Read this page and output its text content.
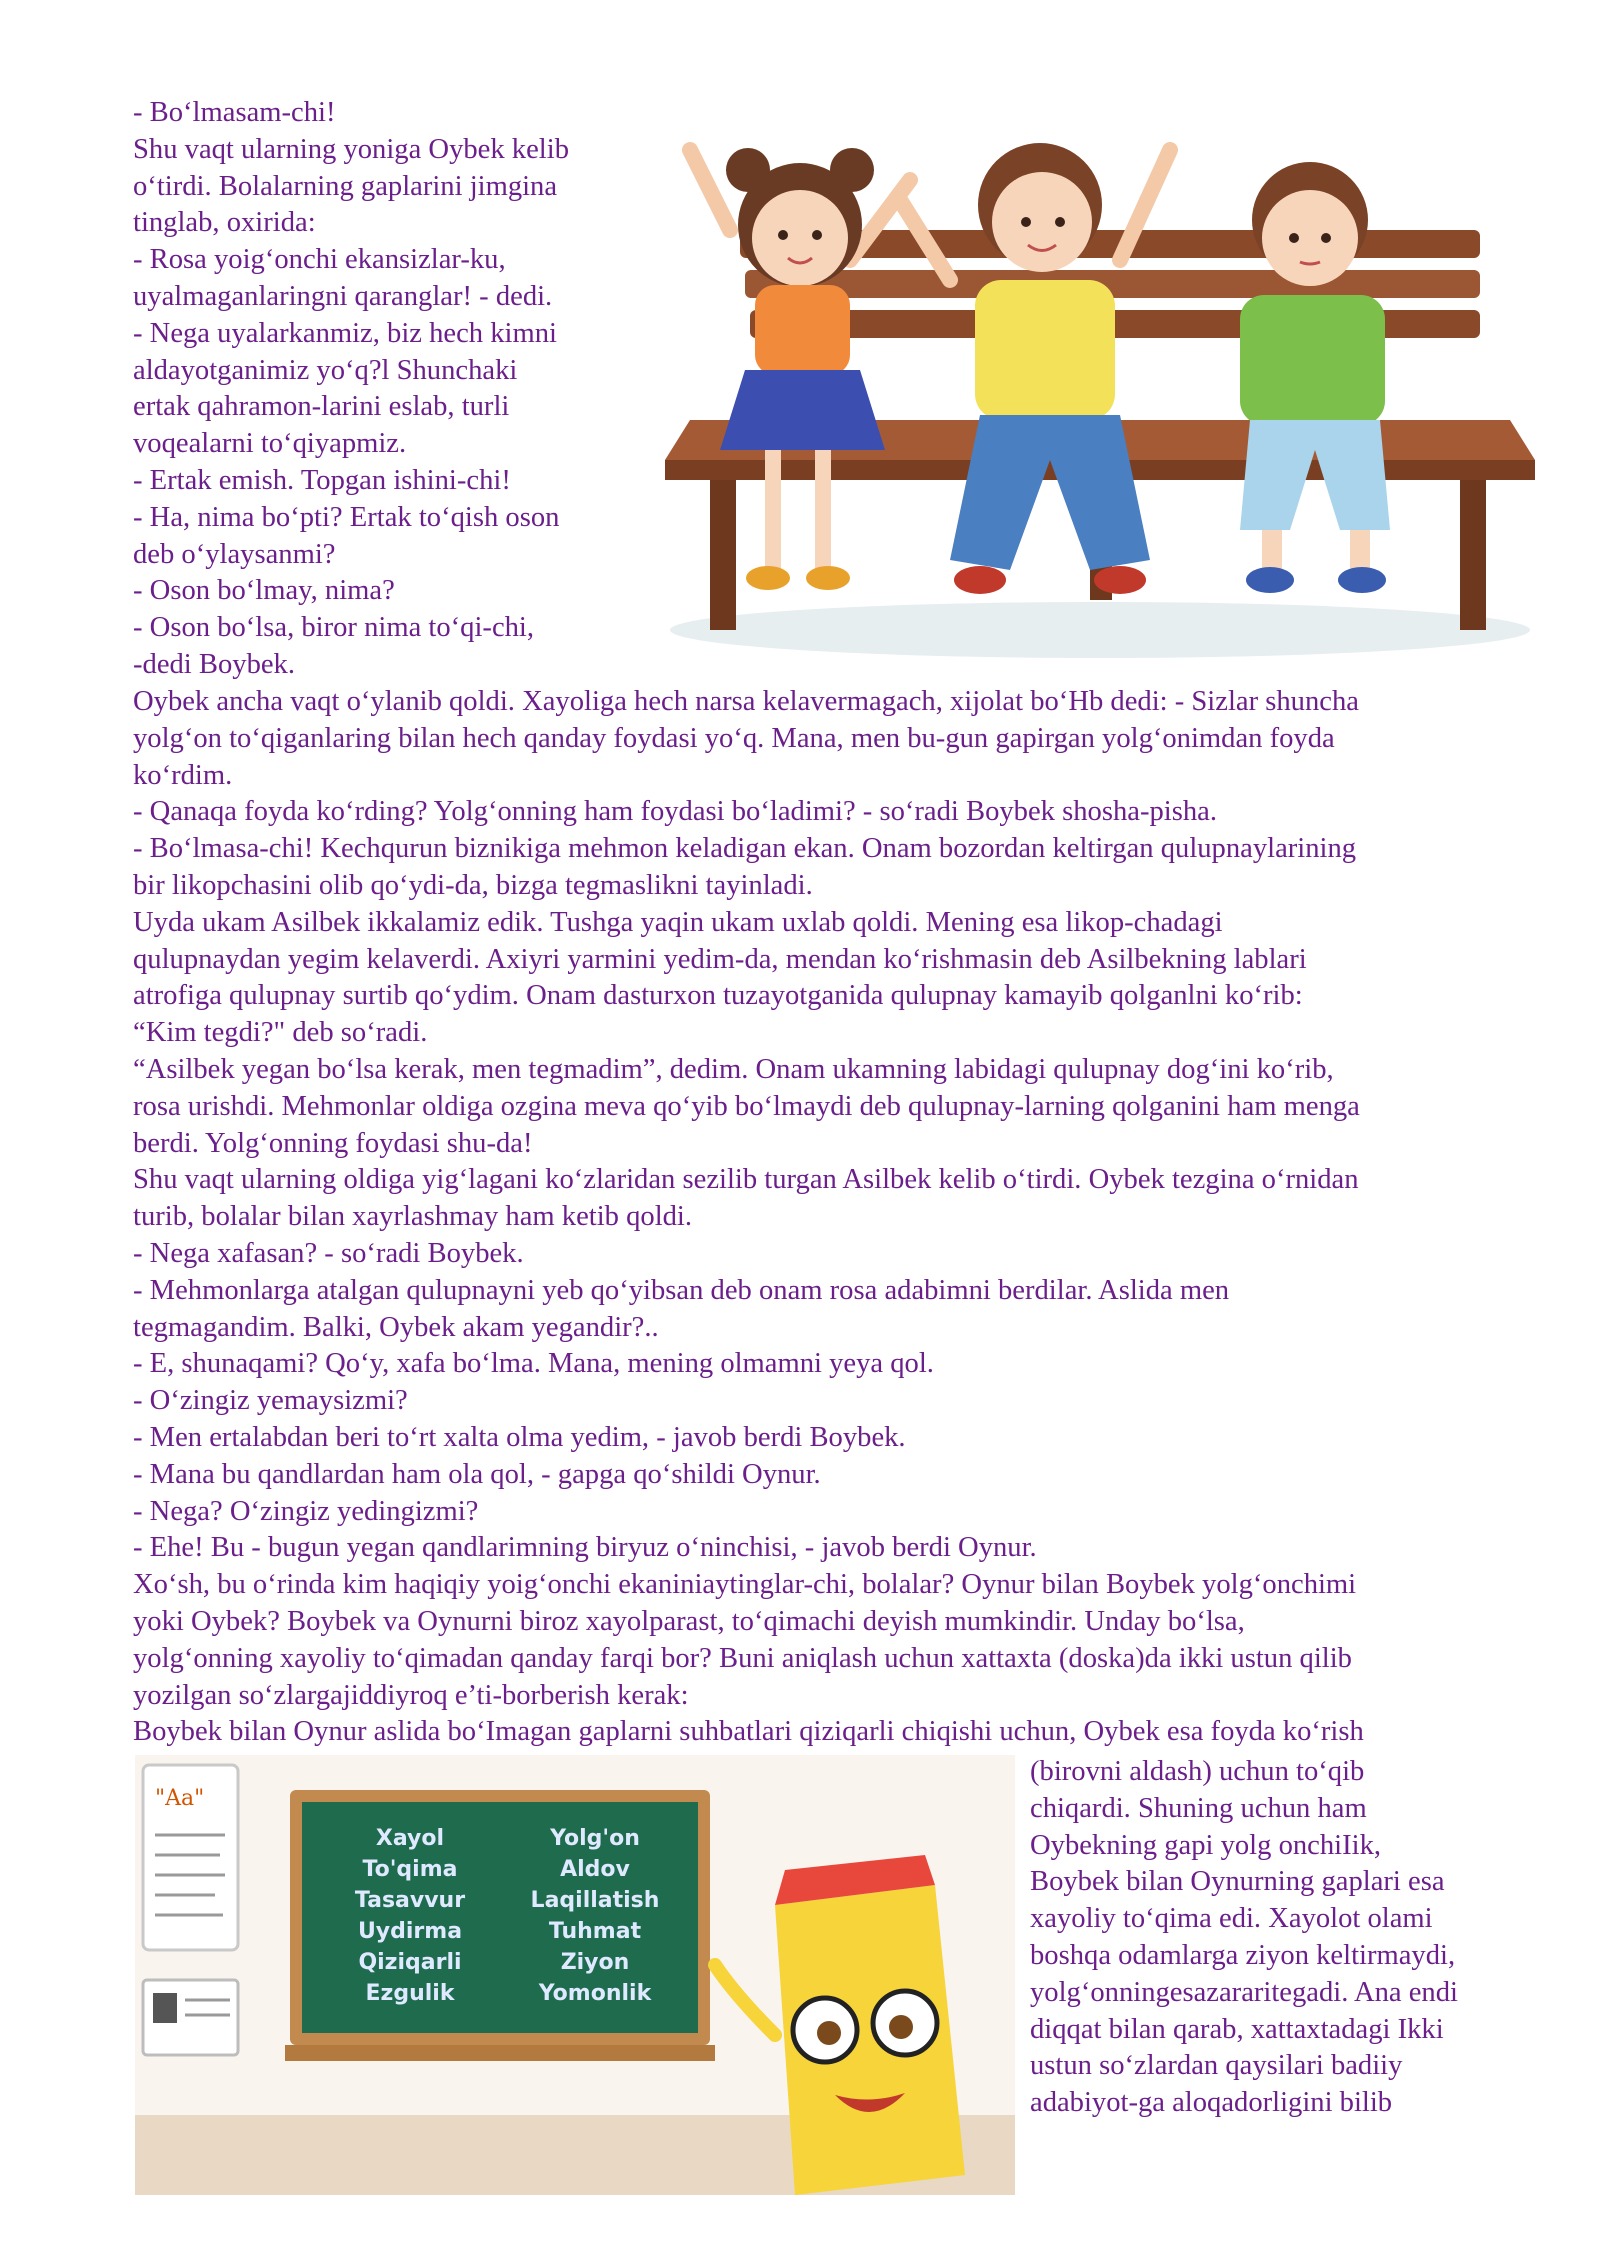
- Bo‘lmasam-chi!

Shu vaqt ularning yoniga Oybek kelib

o‘tirdi. Bolalarning gaplarini jimgina

tinglab, oxirida:

- Rosa yoig‘onchi ekansizlar-ku,

uyalmaganlaringni qaranglar! - dedi.

- Nega uyalarkanmiz, biz hech kimni

aldayotganimiz yo‘q?l Shunchaki

ertak qahramon-larini eslab, turli

voqealarni to‘qiyapmiz.

- Ertak emish. Topgan ishini-chi!

- Ha, nima bo‘pti? Ertak to‘qish oson

deb o‘ylaysanmi?

- Oson bo‘lmay, nima?

- Oson bo‘lsa, biror nima to‘qi-chi,

-dedi Boybek.

Oybek ancha vaqt o‘ylanib qoldi. Xayoliga hech narsa kelavermagach, xijolat bo‘Hb dedi: - Sizlar shuncha

yolg‘on to‘qiganlaring bilan hech qanday foydasi yo‘q. Mana, men bu-gun gapirgan yolg‘onimdan foyda

ko‘rdim.

- Qanaqa foyda ko‘rding? Yolg‘onning ham foydasi bo‘ladimi? - so‘radi Boybek shosha-pisha.

- Bo‘lmasa-chi! Kechqurun biznikiga mehmon keladigan ekan. Onam bozordan keltirgan qulupnaylarining

bir likopchasini olib qo‘ydi-da, bizga tegmaslikni tayinladi.

Uyda ukam Asilbek ikkalamiz edik. Tushga yaqin ukam uxlab qoldi. Mening esa likop-chadagi

qulupnaydan yegim kelaverdi. Axiyri yarmini yedim-da, mendan ko‘rishmasin deb Asilbekning lablari

atrofiga qulupnay surtib qo‘ydim. Onam dasturxon tuzayotganida qulupnay kamayib qolganlni ko‘rib:

“Kim tegdi?" deb so‘radi.

“Asilbek yegan bo‘lsa kerak, men tegmadim”, dedim. Onam ukamning labidagi qulupnay dog‘ini ko‘rib,

rosa urishdi. Mehmonlar oldiga ozgina meva qo‘yib bo‘lmaydi deb qulupnay-larning qolganini ham menga

berdi. Yolg‘onning foydasi shu-da!

Shu vaqt ularning oldiga yig‘lagani ko‘zlaridan sezilib turgan Asilbek kelib o‘tirdi. Oybek tezgina o‘rnidan

turib, bolalar bilan xayrlashmay ham ketib qoldi.

- Nega xafasan? - so‘radi Boybek.

- Mehmonlarga atalgan qulupnayni yeb qo‘yibsan deb onam rosa adabimni berdilar. Aslida men

tegmagandim. Balki, Oybek akam yegandir?..

- E, shunaqami? Qo‘y, xafa bo‘lma. Mana, mening olmamni yeya qol.

- O‘zingiz yemaysizmi?

- Men ertalabdan beri to‘rt xalta olma yedim, - javob berdi Boybek.

- Mana bu qandlardan ham ola qol, - gapga qo‘shildi Oynur.

- Nega? O‘zingiz yedingizmi?

- Ehe! Bu - bugun yegan qandlarimning biryuz o‘ninchisi, - javob berdi Oynur.

Xo‘sh, bu o‘rinda kim haqiqiy yoig‘onchi ekaniniaytinglar-chi, bolalar? Oynur bilan Boybek yolg‘onchimi

yoki Oybek? Boybek va Oynurni biroz xayolparast, to‘qimachi deyish mumkindir. Unday bo‘lsa,

yolg‘onning xayoliy to‘qimadan qanday farqi bor? Buni aniqlash uchun xattaxta (doska)da ikki ustun qilib

yozilgan so‘zlargajiddiyroq e’ti-borberish kerak:

Boybek bilan Oynur aslida bo‘Imagan gaplarni suhbatlari qiziqarli chiqishi uchun, Oybek esa foyda ko‘rish

"Aa"
Xayol
To'qima
Tasavvur
Uydirma
Qiziqarli
Ezgulik
Yolg'on
Aldov
Laqillatish
Tuhmat
Ziyon
Yomonlik

(birovni aldash) uchun to‘qib

chiqardi. Shuning uchun ham

Oybekning gapi yolg onchiIik,

Boybek bilan Oynurning gaplari esa

xayoliy to‘qima edi. Xayolot olami

boshqa odamlarga ziyon keltirmaydi,

yolg‘onningesazararitegadi. Ana endi

diqqat bilan qarab, xattaxtadagi Ikki

ustun so‘zlardan qaysilari badiiy

adabiyot-ga aloqadorligini bilib
